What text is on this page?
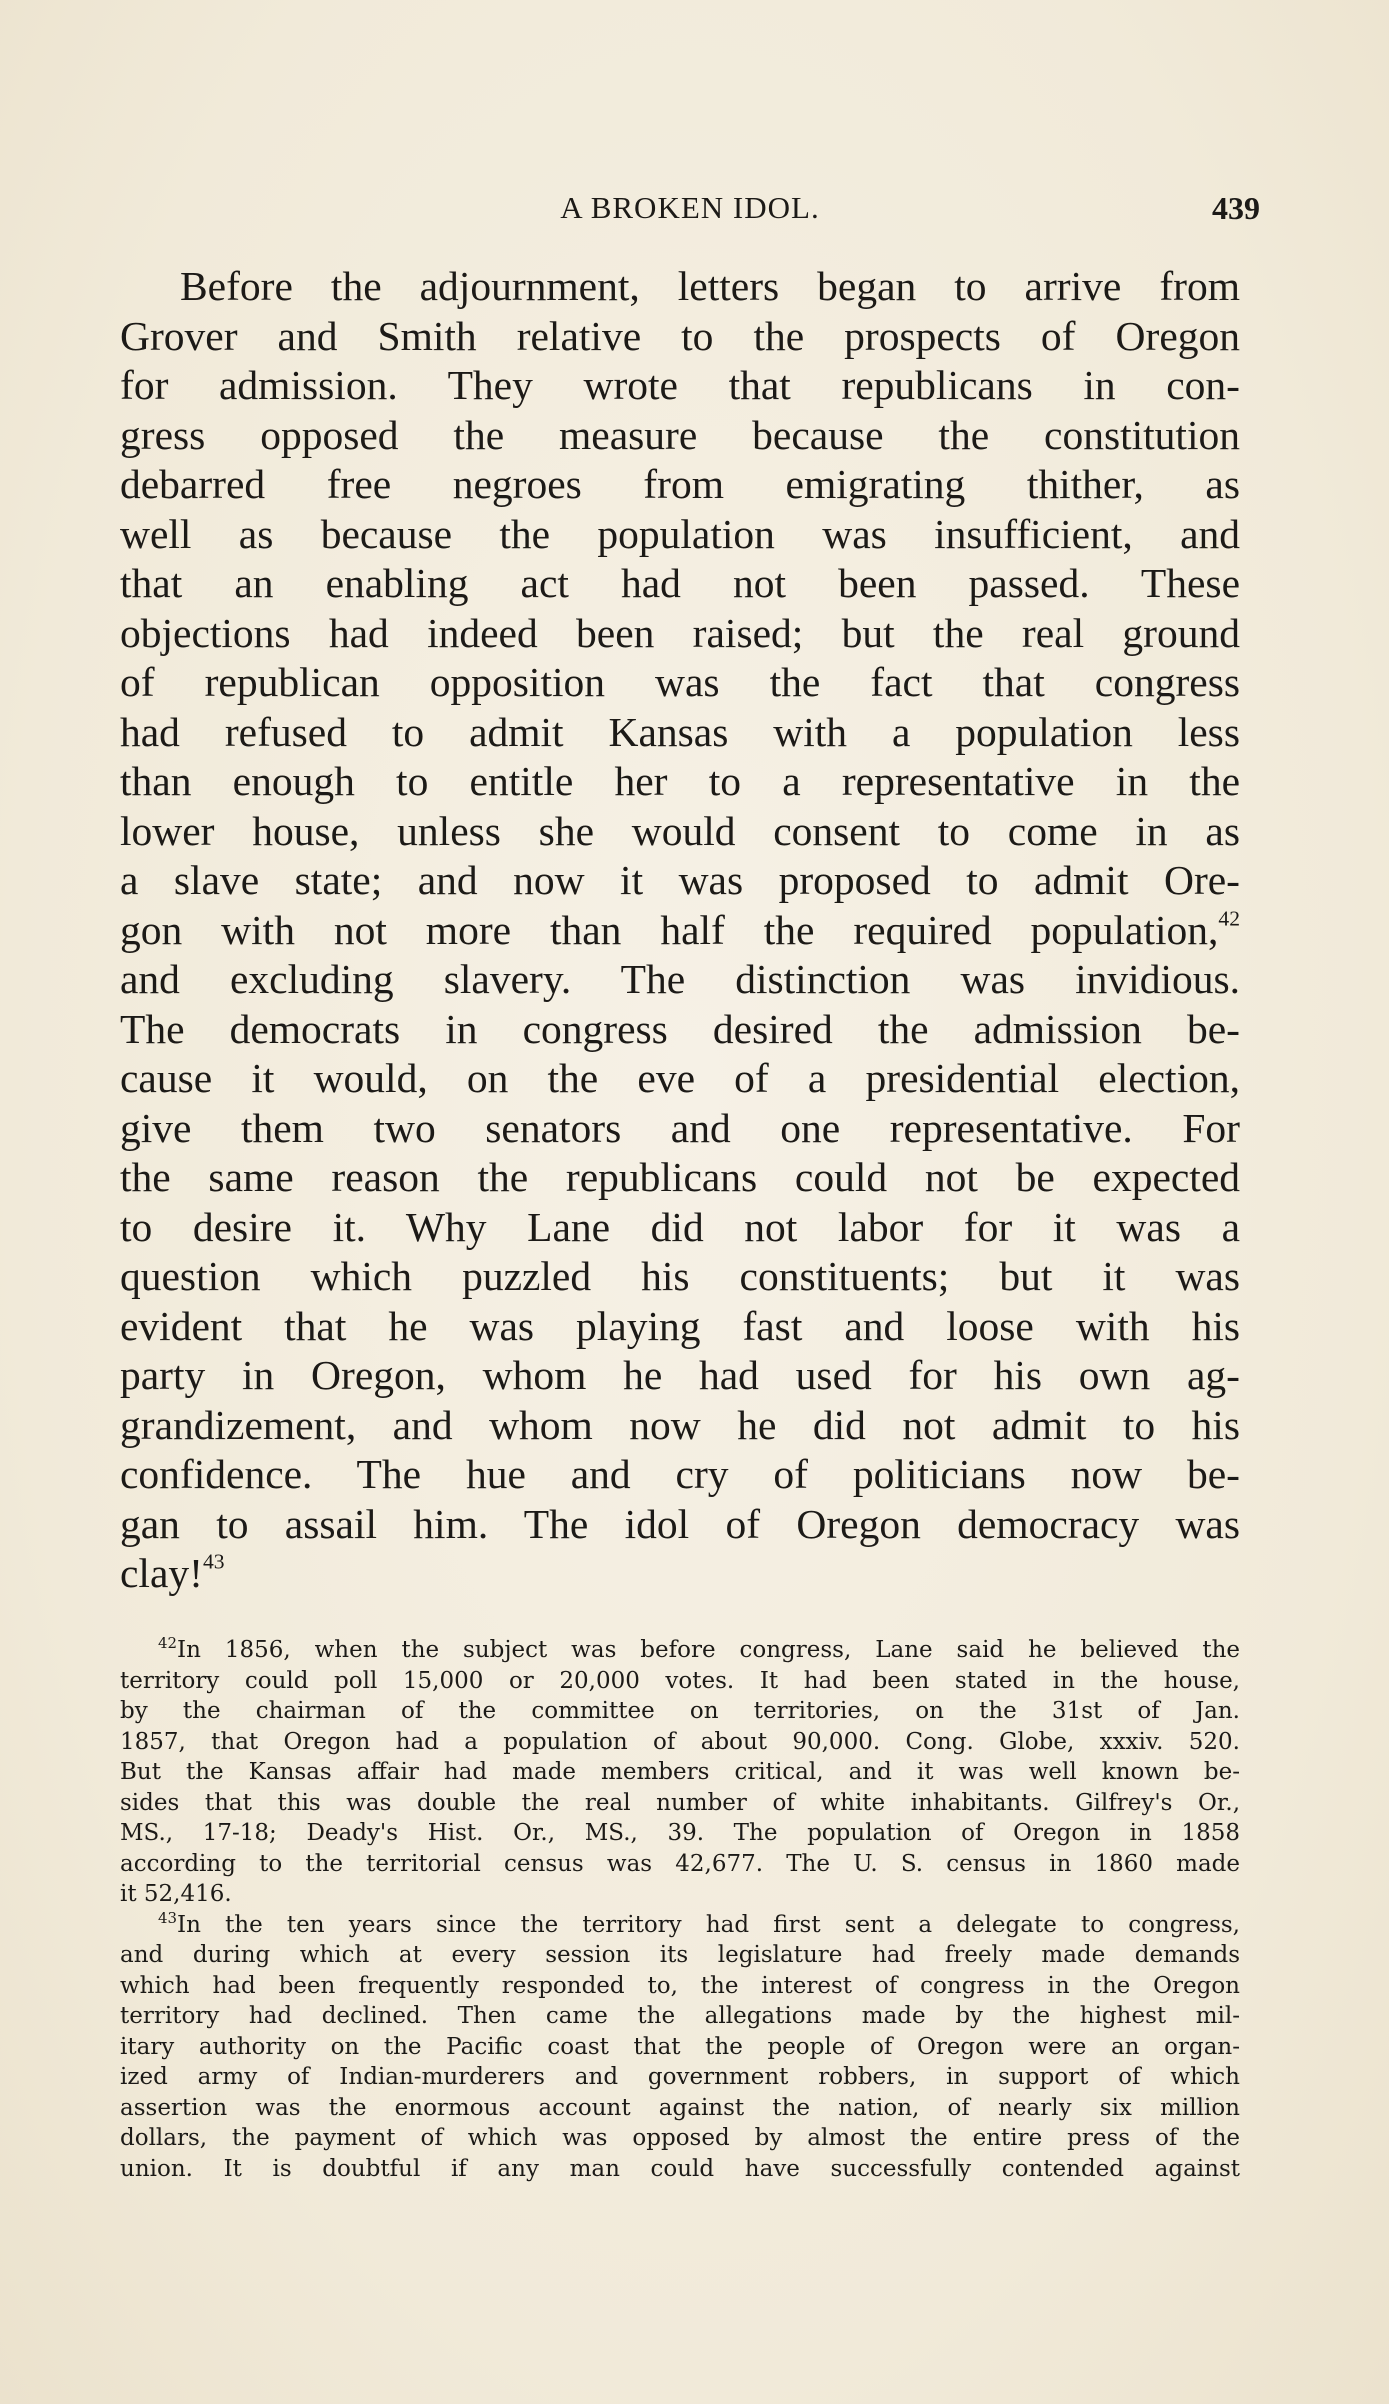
A BROKEN IDOL.	439
Before the adjournment, letters began to arrive from
Grover and Smith relative to the prospects of Oregon
for admission. They wrote that republicans in con-
gress opposed the measure because the constitution
debarred free negroes from emigrating thither, as
well as because the population was insufficient, and
that an enabling act had not been passed. These
objections had indeed been raised; but the real ground
of republican opposition was the fact that congress
had refused to admit Kansas with a population less
than enough to entitle her to a representative in the
lower house, unless she would consent to come in as
a slave state; and now it was proposed to admit Ore-
gon with not more than half the required population,$^{42}$
and excluding slavery. The distinction was invidious.
The democrats in congress desired the admission be-
cause it would, on the eve of a presidential election,
give them two senators and one representative. For
the same reason the republicans could not be expected
to desire it. Why Lane did not labor for it was a
question which puzzled his constituents; but it was
evident that he was playing fast and loose with his
party in Oregon, whom he had used for his own ag-
grandizement, and whom now he did not admit to his
confidence. The hue and cry of politicians now be-
gan to assail him. The idol of Oregon democracy was
clay!$^{43}$
$^{42}$In 1856, when the subject was before congress, Lane said he believed the
territory could poll 15,000 or 20,000 votes. It had been stated in the house,
by the chairman of the committee on territories, on the 31st of Jan.
1857, that Oregon had a population of about 90,000. Cong. Globe, xxxiv. 520.
But the Kansas affair had made members critical, and it was well known be-
sides that this was double the real number of white inhabitants. Gilfrey's Or.,
MS., 17-18; Deady's Hist. Or., MS., 39. The population of Oregon in 1858
according to the territorial census was 42,677. The U. S. census in 1860 made
it 52,416.
$^{43}$In the ten years since the territory had first sent a delegate to congress,
and during which at every session its legislature had freely made demands
which had been frequently responded to, the interest of congress in the Oregon
territory had declined. Then came the allegations made by the highest mil-
itary authority on the Pacific coast that the people of Oregon were an organ-
ized army of Indian-murderers and government robbers, in support of which
assertion was the enormous account against the nation, of nearly six million
dollars, the payment of which was opposed by almost the entire press of the
union. It is doubtful if any man could have successfully contended against
